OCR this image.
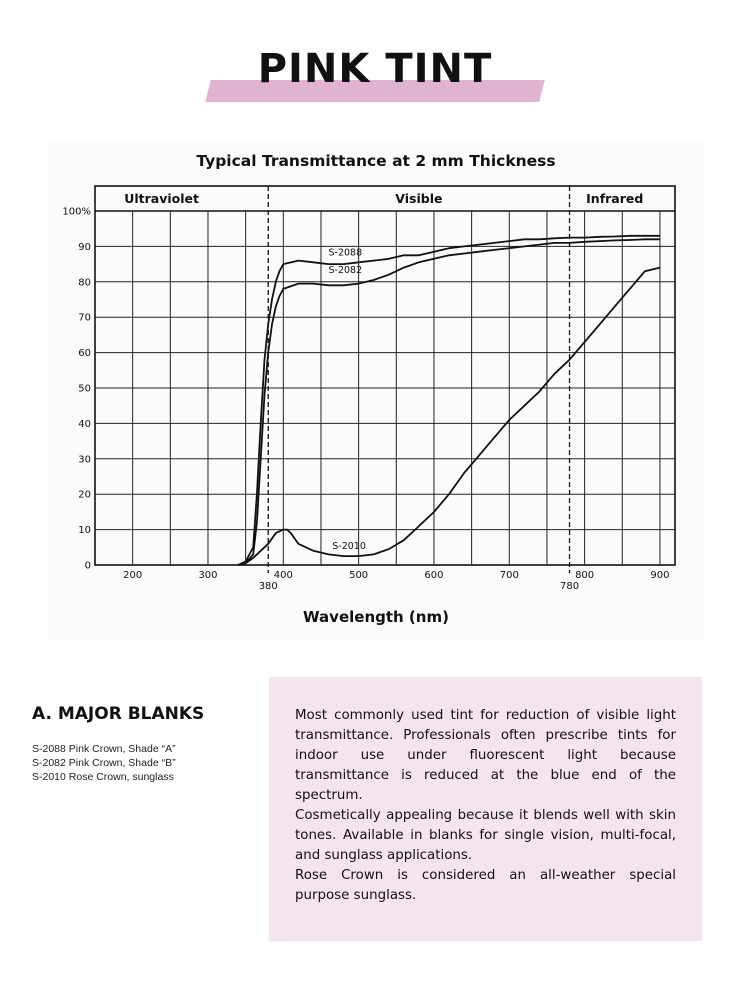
PINK TINT
Typical Transmittance at 2 mm Thickness
Ultraviolet	Visible	Infrared
S-2088
S-2082
S-2010
380	780
0
10
20
30
40
50
60
70
80
90
100%
200	300	400	500	600	700	800	900
Wavelength (nm)
A. MAJOR BLANKS
S-2088 Pink Crown, Shade “A”
S-2082 Pink Crown, Shade “B”
S-2010 Rose Crown, sunglass

Most commonly used tint for reduction of visible light transmittance. Professionals often prescribe tints for indoor use under fluorescent light because transmittance is reduced at the blue end of the spectrum.

Cosmetically appealing because it blends well with skin tones. Available in blanks for single vision, multi-focal, and sunglass applications.

Rose Crown is considered an all-weather special purpose sunglass.
